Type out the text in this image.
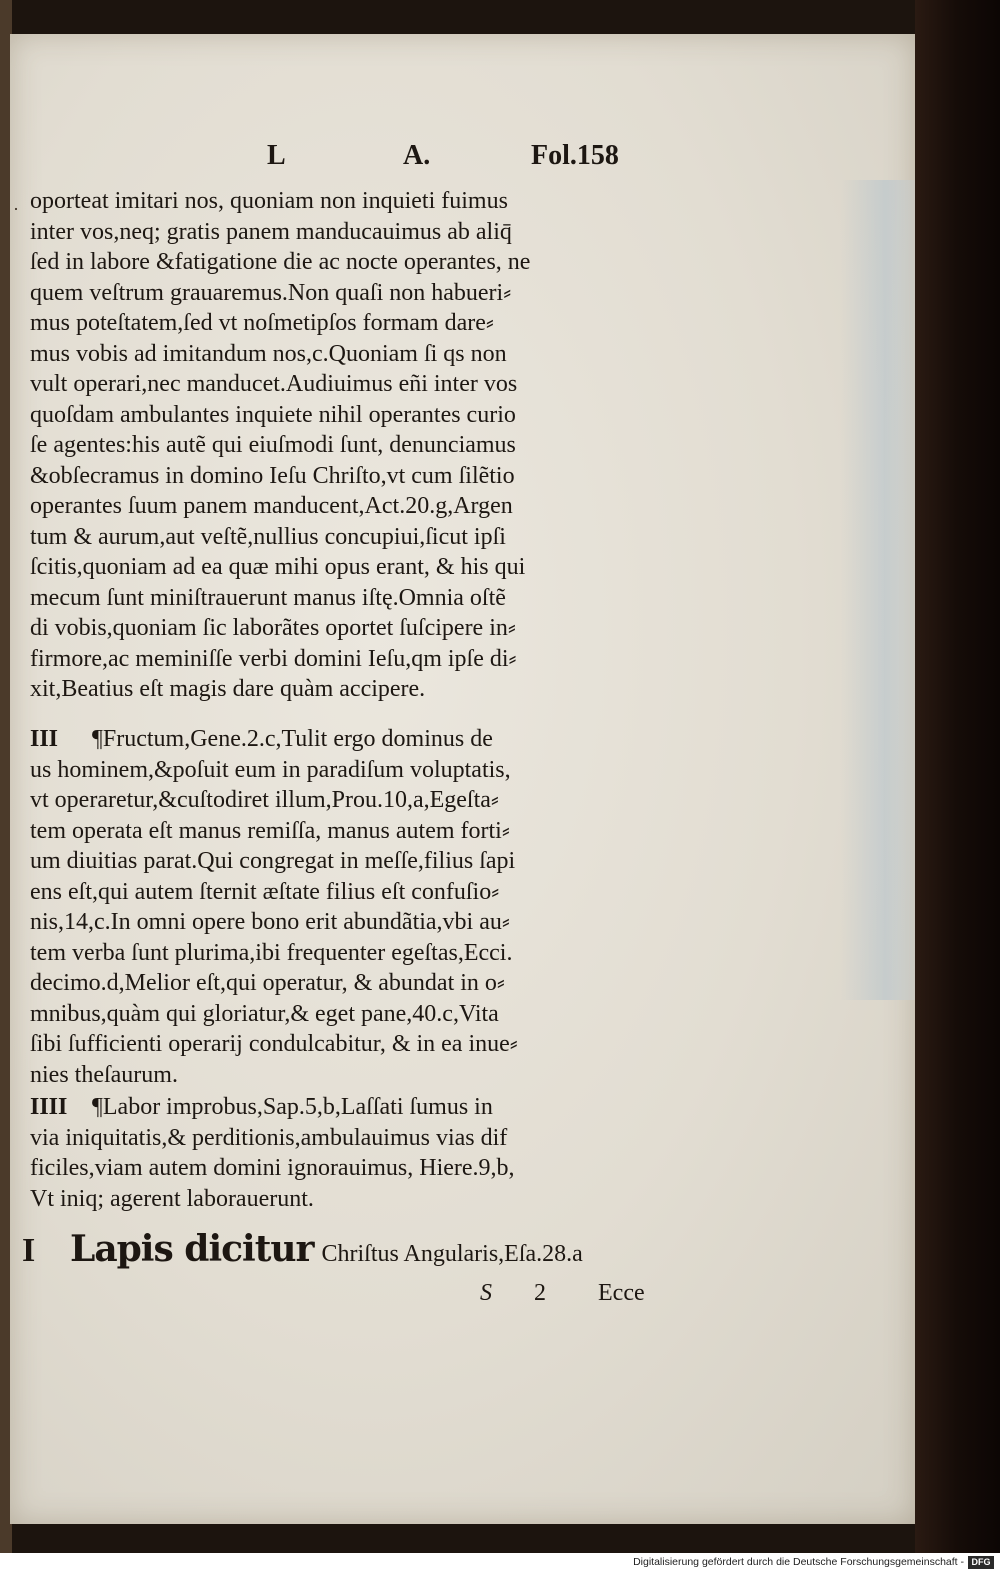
L	A.	Fol.158
· oporteat imitari nos, quoniam non inquieti fuimus
inter vos,neq; gratis panem manducauimus ab aliq̄
ſed in labore &fatigatione die ac nocte operantes, ne
quem veſtrum grauaremus.Non quaſi non habueri⸗
mus poteſtatem,ſed vt noſmetipſos formam dare⸗
mus vobis ad imitandum nos,c.Quoniam ſi qs non
vult operari,nec manducet.Audiuimus eñi inter vos
quoſdam ambulantes inquiete nihil operantes curio
ſe agentes:his autẽ qui eiuſmodi ſunt, denunciamus
&obſecramus in domino Ieſu Chriſto,vt cum ſilẽtio
operantes ſuum panem manducent,Act.20.g,Argen
tum & aurum,aut veſtẽ,nullius concupiui,ſicut ipſi
ſcitis,quoniam ad ea quæ mihi opus erant, & his qui
mecum ſunt miniſtrauerunt manus iſtę.Omnia oſtẽ
di vobis,quoniam ſic laborãtes oportet ſuſcipere in⸗
firmore,ac meminiſſe verbi domini Ieſu,qm ipſe di⸗
xit,Beatius eſt magis dare quàm accipere.
III	¶Fructum,Gene.2.c,Tulit ergo dominus de
us hominem,&poſuit eum in paradiſum voluptatis,
vt operaretur,&cuſtodiret illum,Prou.10,a,Egeſta⸗
tem operata eſt manus remiſſa, manus autem forti⸗
um diuitias parat.Qui congregat in meſſe,filius ſapi
ens eſt,qui autem ſternit æſtate filius eſt confuſio⸗
nis,14,c.In omni opere bono erit abundãtia,vbi au⸗
tem verba ſunt plurima,ibi frequenter egeſtas,Ecci.
decimo.d,Melior eſt,qui operatur, & abundat in o⸗
mnibus,quàm qui gloriatur,& eget pane,40.c,Vita
ſibi ſufficienti operarij condulcabitur, & in ea inue⸗
nies theſaurum.
IIII	¶Labor improbus,Sap.5,b,Laſſati ſumus in
via iniquitatis,& perditionis,ambulauimus vias dif
ficiles,viam autem domini ignorauimus, Hiere.9,b,
Vt iniq; agerent laborauerunt.
I Lapis dicitur Chriſtus Angularis,Eſa.28.a
S 2 Ecce
Digitalisierung gefördert durch die Deutsche Forschungsgemeinschaft - DFG
